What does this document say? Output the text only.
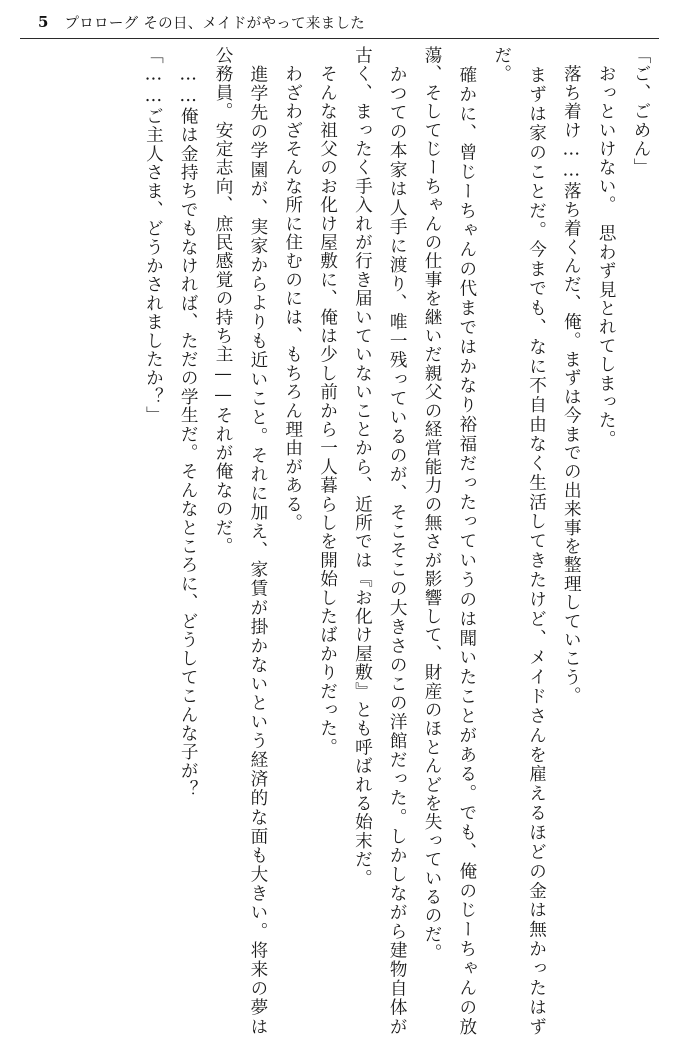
5 プロローグ その日、メイドがやって来ました

「ご、ごめん」

　おっといけない。　思わず見とれてしまった。

　落ち着け……落ち着くんだ、俺。まずは今までの出来事を整理していこう。

　まずは家のことだ。今までも、なに不自由なく生活してきたけど、メイドさんを雇えるほどの金は無かったはずだ。

　確かに、曾じーちゃんの代まではかなり裕福だったっていうのは聞いたことがある。でも、俺のじーちゃんの放蕩、そしてじーちゃんの仕事を継いだ親父の経営能力の無さが影響して、財産のほとんどを失っているのだ。

　かつての本家は人手に渡り、唯一残っているのが、そこそこの大きさのこの洋館だった。しかしながら建物自体が古く、まったく手入れが行き届いていないことから、近所では『お化け屋敷』とも呼ばれる始末だ。

　そんな祖父のお化け屋敷に、俺は少し前から一人暮らしを開始したばかりだった。

　わざわざそんな所に住むのには、もちろん理由がある。

　進学先の学園が、実家からよりも近いこと。それに加え、家賃が掛かないという経済的な面も大きい。将来の夢は公務員。安定志向、庶民感覚の持ち主——それが俺なのだ。

　……俺は金持ちでもなければ、ただの学生だ。そんなところに、どうしてこんな子が？

「……ご主人さま、どうかされましたか？」
